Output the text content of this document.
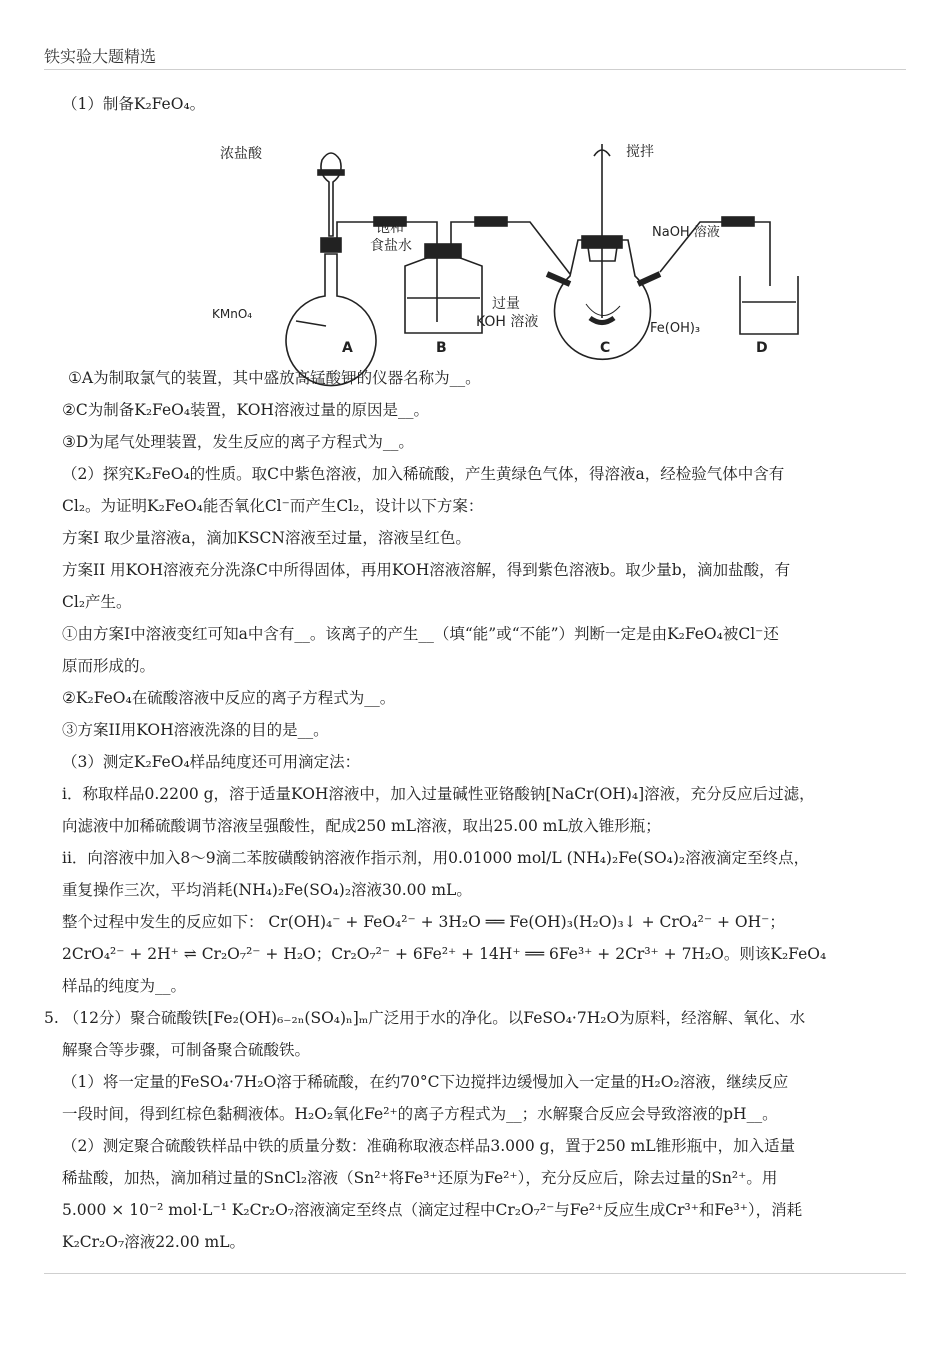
铁实验大题精选
（1）制备K₂FeO₄。
浓盐酸
KMnO₄
饱和
食盐水
搅拌
过量
KOH 溶液	Fe(OH)₃
NaOH 溶液
A	B	C	D
①A为制取氯气的装置，其中盛放高锰酸钾的仪器名称为__。
②C为制备K₂FeO₄装置，KOH溶液过量的原因是__。
③D为尾气处理装置，发生反应的离子方程式为__。
（2）探究K₂FeO₄的性质。取C中紫色溶液，加入稀硫酸，产生黄绿色气体，得溶液a，经检验气体中含有
Cl₂。为证明K₂FeO₄能否氧化Cl⁻而产生Cl₂，设计以下方案：
方案I 取少量溶液a，滴加KSCN溶液至过量，溶液呈红色。
方案II 用KOH溶液充分洗涤C中所得固体，再用KOH溶液溶解，得到紫色溶液b。取少量b，滴加盐酸，有
Cl₂产生。
①由方案I中溶液变红可知a中含有__。该离子的产生__（填“能”或“不能”）判断一定是由K₂FeO₄被Cl⁻还
原而形成的。
②K₂FeO₄在硫酸溶液中反应的离子方程式为__。
③方案II用KOH溶液洗涤的目的是__。
（3）测定K₂FeO₄样品纯度还可用滴定法：
i．称取样品0.2200 g，溶于适量KOH溶液中，加入过量碱性亚铬酸钠[NaCr(OH)₄]溶液，充分反应后过滤，
向滤液中加稀硫酸调节溶液呈强酸性，配成250 mL溶液，取出25.00 mL放入锥形瓶；
ii．向溶液中加入8～9滴二苯胺磺酸钠溶液作指示剂，用0.01000 mol/L (NH₄)₂Fe(SO₄)₂溶液滴定至终点，
重复操作三次，平均消耗(NH₄)₂Fe(SO₄)₂溶液30.00 mL。
整个过程中发生的反应如下： Cr(OH)₄⁻ + FeO₄²⁻ + 3H₂O ══ Fe(OH)₃(H₂O)₃↓ + CrO₄²⁻ + OH⁻；
2CrO₄²⁻ + 2H⁺ ⇌ Cr₂O₇²⁻ + H₂O；Cr₂O₇²⁻ + 6Fe²⁺ + 14H⁺ ══ 6Fe³⁺ + 2Cr³⁺ + 7H₂O。则该K₂FeO₄
样品的纯度为__。
5. （12分）聚合硫酸铁[Fe₂(OH)₆₋₂ₙ(SO₄)ₙ]ₘ广泛用于水的净化。以FeSO₄·7H₂O为原料，经溶解、氧化、水
解聚合等步骤，可制备聚合硫酸铁。
（1）将一定量的FeSO₄·7H₂O溶于稀硫酸，在约70°C下边搅拌边缓慢加入一定量的H₂O₂溶液，继续反应
一段时间，得到红棕色黏稠液体。H₂O₂氧化Fe²⁺的离子方程式为__；水解聚合反应会导致溶液的pH__。
（2）测定聚合硫酸铁样品中铁的质量分数：准确称取液态样品3.000 g，置于250 mL锥形瓶中，加入适量
稀盐酸，加热，滴加稍过量的SnCl₂溶液（Sn²⁺将Fe³⁺还原为Fe²⁺），充分反应后，除去过量的Sn²⁺。用
5.000 × 10⁻² mol·L⁻¹ K₂Cr₂O₇溶液滴定至终点（滴定过程中Cr₂O₇²⁻与Fe²⁺反应生成Cr³⁺和Fe³⁺），消耗
K₂Cr₂O₇溶液22.00 mL。
